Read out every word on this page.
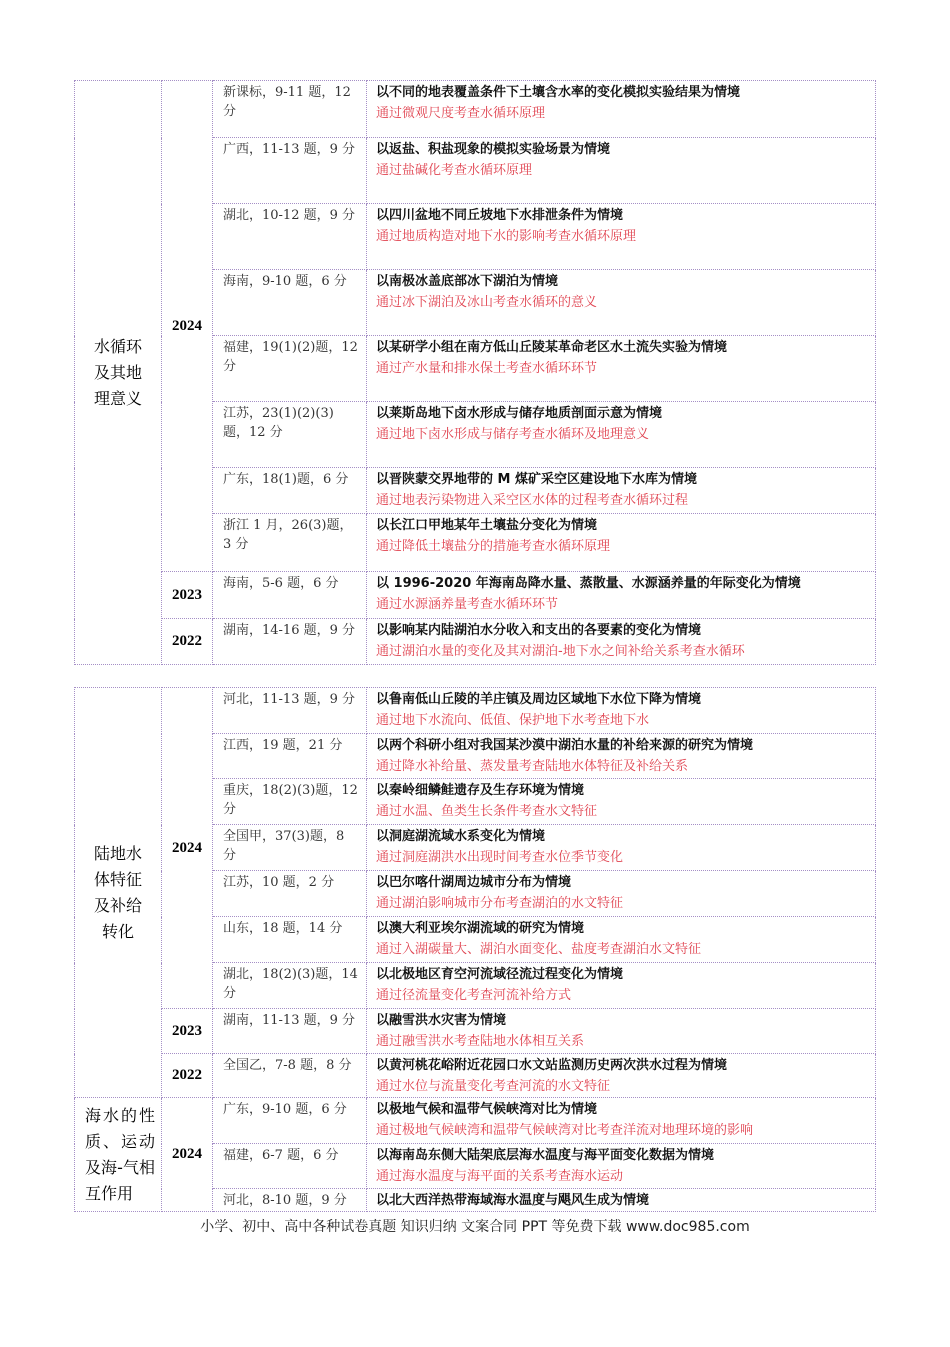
水循环及其地理意义	2024	新课标，9-11 题，12 分	以不同的地表覆盖条件下土壤含水率的变化模拟实验结果为情境
通过微观尺度考查水循环原理

		广西，11-13 题，9 分	以返盐、积盐现象的模拟实验场景为情境
通过盐碱化考查水循环原理

		湖北，10-12 题，9 分	以四川盆地不同丘坡地下水排泄条件为情境
通过地质构造对地下水的影响考查水循环原理

		海南，9-10 题，6 分	以南极冰盖底部冰下湖泊为情境
通过冰下湖泊及冰山考查水循环的意义

		福建，19(1)(2)题，12 分	以某研学小组在南方低山丘陵某革命老区水土流失实验为情境
通过产水量和排水保土考查水循环环节

		江苏，23(1)(2)(3)题，12 分	以莱斯岛地下卤水形成与储存地质剖面示意为情境
通过地下卤水形成与储存考查水循环及地理意义

		广东，18(1)题，6 分	以晋陕蒙交界地带的 M 煤矿采空区建设地下水库为情境
通过地表污染物进入采空区水体的过程考查水循环过程

		浙江 1 月，26(3)题，3 分	以长江口甲地某年土壤盐分变化为情境
通过降低土壤盐分的措施考查水循环原理

	2023	海南，5-6 题，6 分	以 1996-2020 年海南岛降水量、蒸散量、水源涵养量的年际变化为情境
通过水源涵养量考查水循环环节

	2022	湖南，14-16 题，9 分	以影响某内陆湖泊水分收入和支出的各要素的变化为情境
通过湖泊水量的变化及其对湖泊-地下水之间补给关系考查水循环
陆地水体特征及补给转化	2024	河北，11-13 题，9 分	以鲁南低山丘陵的羊庄镇及周边区域地下水位下降为情境
通过地下水流向、低值、保护地下水考查地下水

		江西，19 题，21 分	以两个科研小组对我国某沙漠中湖泊水量的补给来源的研究为情境
通过降水补给量、蒸发量考查陆地水体特征及补给关系

		重庆，18(2)(3)题，12 分	以秦岭细鳞鲑遗存及生存环境为情境
通过水温、鱼类生长条件考查水文特征

		全国甲，37(3)题，8 分	以洞庭湖流域水系变化为情境
通过洞庭湖洪水出现时间考查水位季节变化

		江苏，10 题，2 分	以巴尔喀什湖周边城市分布为情境
通过湖泊影响城市分布考查湖泊的水文特征

		山东，18 题，14 分	以澳大利亚埃尔湖流域的研究为情境
通过入湖碳量大、湖泊水面变化、盐度考查湖泊水文特征

		湖北，18(2)(3)题，14 分	以北极地区育空河流域径流过程变化为情境
通过径流量变化考查河流补给方式

	2023	湖南，11-13 题，9 分	以融雪洪水灾害为情境
通过融雪洪水考查陆地水体相互关系

	2022	全国乙，7-8 题，8 分	以黄河桃花峪附近花园口水文站监测历史两次洪水过程为情境
通过水位与流量变化考查河流的水文特征

海水的性质、运动及海-气相互作用	2024	广东，9-10 题，6 分	以极地气候和温带气候峡湾对比为情境
通过极地气候峡湾和温带气候峡湾对比考查洋流对地理环境的影响

		福建，6-7 题，6 分	以海南岛东侧大陆架底层海水温度与海平面变化数据为情境
通过海水温度与海平面的关系考查海水运动

		河北，8-10 题，9 分	以北大西洋热带海域海水温度与飓风生成为情境
小学、初中、高中各种试卷真题 知识归纳 文案合同 PPT 等免费下载 www.doc985.com
